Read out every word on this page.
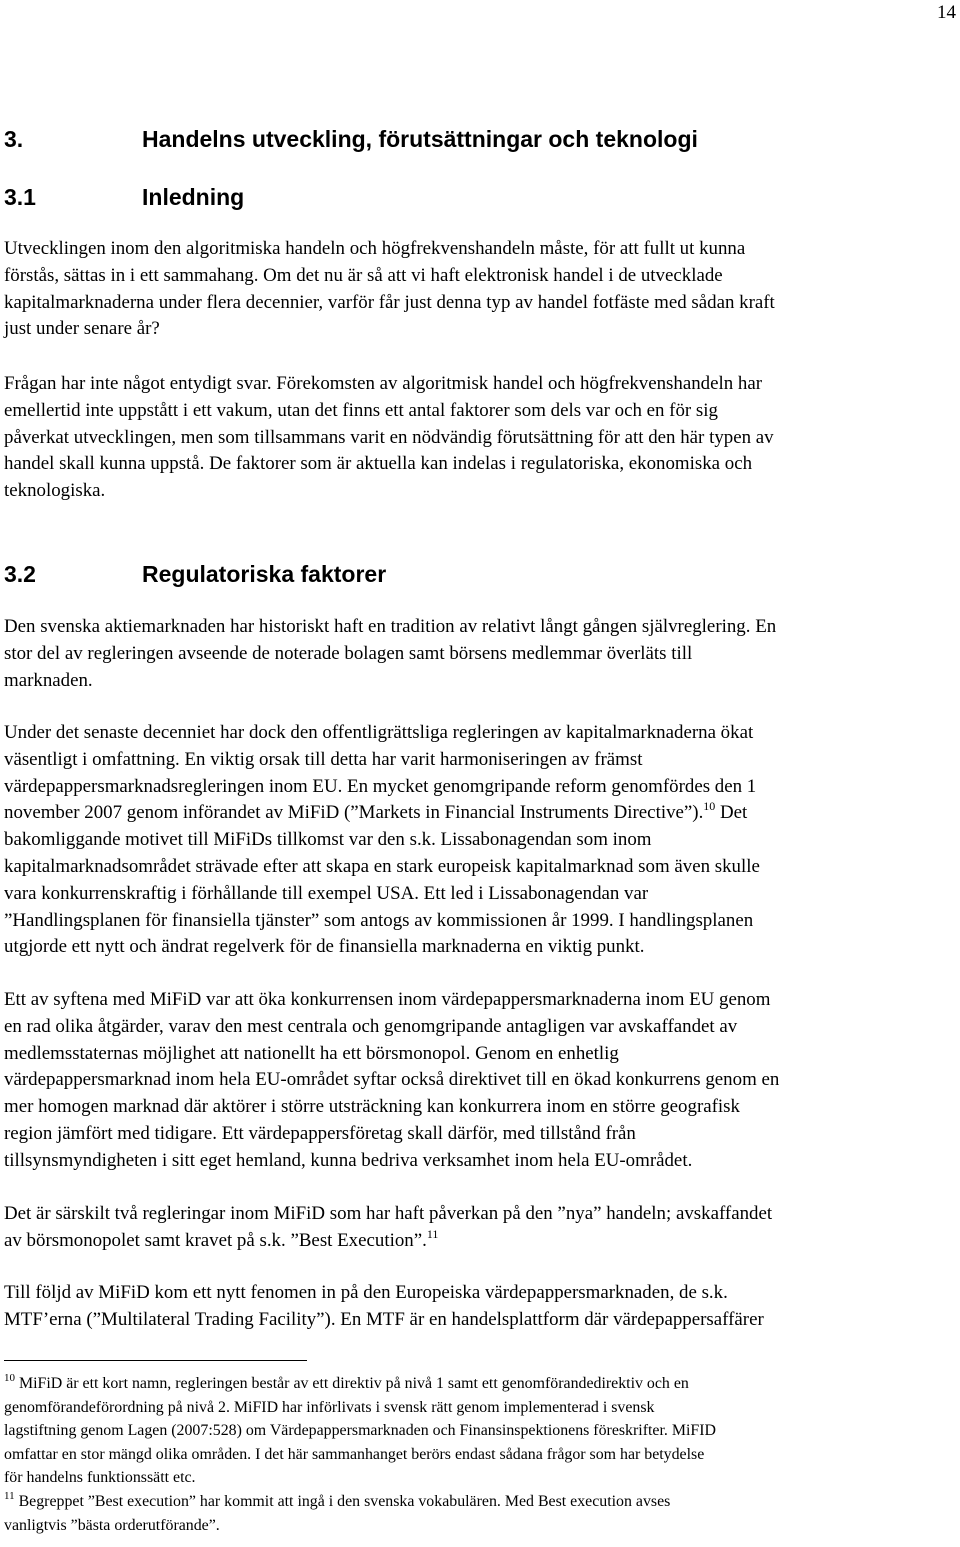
14
3.	Handelns utveckling, förutsättningar och teknologi
3.1	Inledning
Utvecklingen inom den algoritmiska handeln och högfrekvenshandeln måste, för att fullt ut kunna
förstås, sättas in i ett sammahang. Om det nu är så att vi haft elektronisk handel i de utvecklade
kapitalmarknaderna under flera decennier, varför får just denna typ av handel fotfäste med sådan kraft
just under senare år?
Frågan har inte något entydigt svar. Förekomsten av algoritmisk handel och högfrekvenshandeln har
emellertid inte uppstått i ett vakum, utan det finns ett antal faktorer som dels var och en för sig
påverkat utvecklingen, men som tillsammans varit en nödvändig förutsättning för att den här typen av
handel skall kunna uppstå. De faktorer som är aktuella kan indelas i regulatoriska, ekonomiska och
teknologiska.
3.2	Regulatoriska faktorer
Den svenska aktiemarknaden har historiskt haft en tradition av relativt långt gången självreglering. En
stor del av regleringen avseende de noterade bolagen samt börsens medlemmar överläts till
marknaden.
Under det senaste decenniet har dock den offentligrättsliga regleringen av kapitalmarknaderna ökat
väsentligt i omfattning. En viktig orsak till detta har varit harmoniseringen av främst
värdepappersmarknadsregleringen inom EU. En mycket genomgripande reform genomfördes den 1
november 2007 genom införandet av MiFiD (”Markets in Financial Instruments Directive”).$^{10}$ Det
bakomliggande motivet till MiFiDs tillkomst var den s.k. Lissabonagendan som inom
kapitalmarknadsområdet strävade efter att skapa en stark europeisk kapitalmarknad som även skulle
vara konkurrenskraftig i förhållande till exempel USA. Ett led i Lissabonagendan var
”Handlingsplanen för finansiella tjänster” som antogs av kommissionen år 1999. I handlingsplanen
utgjorde ett nytt och ändrat regelverk för de finansiella marknaderna en viktig punkt.
Ett av syftena med MiFiD var att öka konkurrensen inom värdepappersmarknaderna inom EU genom
en rad olika åtgärder, varav den mest centrala och genomgripande antagligen var avskaffandet av
medlemsstaternas möjlighet att nationellt ha ett börsmonopol. Genom en enhetlig
värdepappersmarknad inom hela EU-området syftar också direktivet till en ökad konkurrens genom en
mer homogen marknad där aktörer i större utsträckning kan konkurrera inom en större geografisk
region jämfört med tidigare. Ett värdepappersföretag skall därför, med tillstånd från
tillsynsmyndigheten i sitt eget hemland, kunna bedriva verksamhet inom hela EU-området.
Det är särskilt två regleringar inom MiFiD som har haft påverkan på den ”nya” handeln; avskaffandet
av börsmonopolet samt kravet på s.k. ”Best Execution”.$^{11}$
Till följd av MiFiD kom ett nytt fenomen in på den Europeiska värdepappersmarknaden, de s.k.
MTF’erna (”Multilateral Trading Facility”). En MTF är en handelsplattform där värdepappersaffärer
$^{10}$ MiFiD är ett kort namn, regleringen består av ett direktiv på nivå 1 samt ett genomförandedirektiv och en
genomförandeförordning på nivå 2. MiFID har införlivats i svensk rätt genom implementerad i svensk
lagstiftning genom Lagen (2007:528) om Värdepappersmarknaden och Finansinspektionens föreskrifter. MiFID
omfattar en stor mängd olika områden. I det här sammanhanget berörs endast sådana frågor som har betydelse
för handelns funktionssätt etc.
$^{11}$ Begreppet ”Best execution” har kommit att ingå i den svenska vokabulären. Med Best execution avses
vanligtvis ”bästa orderutförande”.
